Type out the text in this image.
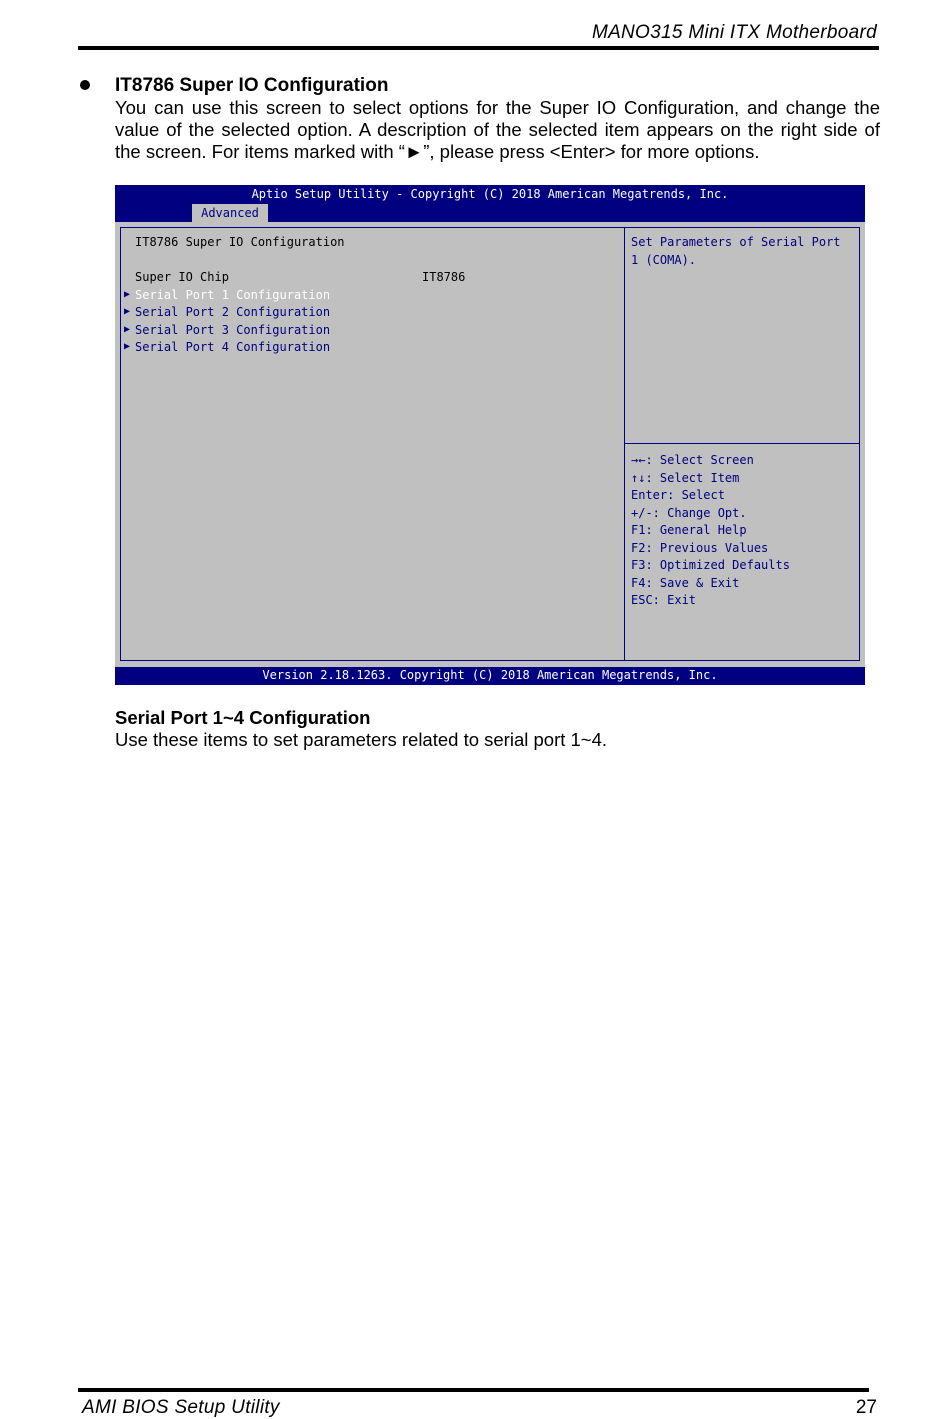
MANO315 Mini ITX Motherboard
IT8786 Super IO Configuration
You can use this screen to select options for the Super IO Configuration, and change the value of the selected option. A description of the selected item appears on the right side of the screen. For items marked with “►”, please press <Enter> for more options.
Aptio Setup Utility - Copyright (C) 2018 American Megatrends, Inc.
Advanced
IT8786 Super IO Configuration
Super IO Chip	IT8786
▶ Serial Port 1 Configuration
▶ Serial Port 2 Configuration
▶ Serial Port 3 Configuration
▶ Serial Port 4 Configuration
Set Parameters of Serial Port
1 (COMA).
→←: Select Screen
↑↓: Select Item
Enter: Select
+/-: Change Opt.
F1: General Help
F2: Previous Values
F3: Optimized Defaults
F4: Save & Exit
ESC: Exit
Version 2.18.1263. Copyright (C) 2018 American Megatrends, Inc.
Serial Port 1~4 Configuration
Use these items to set parameters related to serial port 1~4.
AMI BIOS Setup Utility	27
